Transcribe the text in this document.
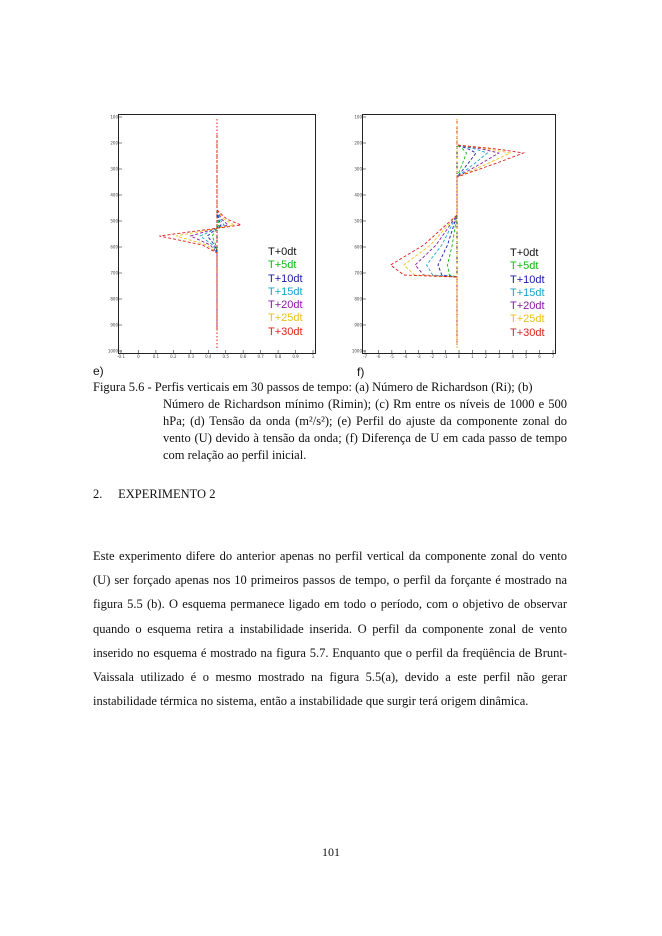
100
200
300
400
500
600
700
800
900
1000
-0.1	0	0.1	0.2	0.3	0.4	0.5	0.6	0.7	0.8	0.9	1
e)
T+0dt
T+5dt
T+10dt
T+15dt
T+20dt
T+25dt
T+30dt
100
200
300
400
500
600
700
800
900
1000
-7 -6 -5 -4 -3 -2 -1	0	1	2	3	4	5	6	7
f)
T+0dt
T+5dt
T+10dt
T+15dt
T+20dt
T+25dt
T+30dt
Figura 5.6 - Perfis verticais em 30 passos de tempo: (a) Número de Richardson (Ri); (b)
Número de Richardson mínimo (Rimin); (c) Rm entre os níveis de 1000 e 500 hPa; (d) Tensão da onda (m²/s²); (e) Perfil do ajuste da componente zonal do vento (U) devido à tensão da onda; (f) Diferença de U em cada passo de tempo com relação ao perfil inicial.
2. EXPERIMENTO 2
Este experimento difere do anterior apenas no perfil vertical da componente zonal do vento (U) ser forçado apenas nos 10 primeiros passos de tempo, o perfil da forçante é mostrado na figura 5.5 (b). O esquema permanece ligado em todo o período, com o objetivo de observar quando o esquema retira a instabilidade inserida. O perfil da componente zonal de vento inserido no esquema é mostrado na figura 5.7. Enquanto que o perfil da freqüência de Brunt-Vaissala utilizado é o mesmo mostrado na figura 5.5(a), devido a este perfil não gerar instabilidade térmica no sistema, então a instabilidade que surgir terá origem dinâmica.
101
